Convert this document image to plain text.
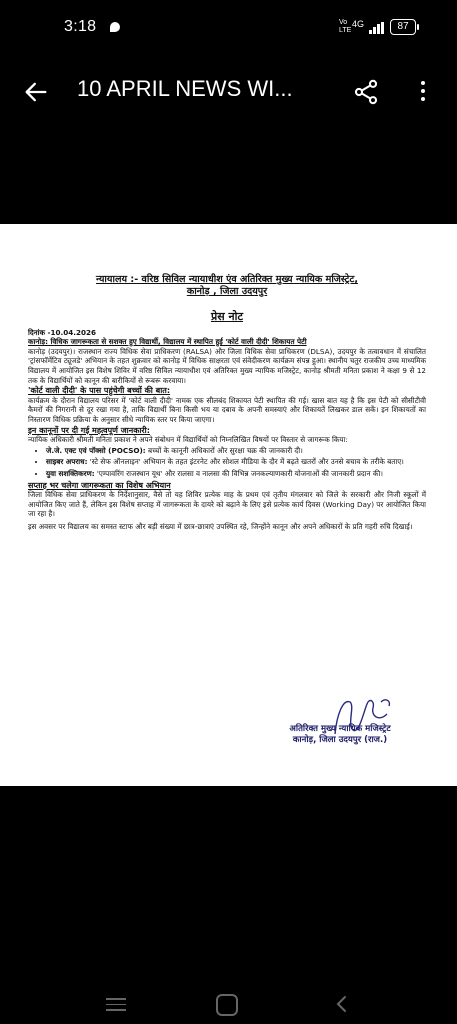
3:18	Vo
LTE
4G	87
10 APRIL NEWS WI...
न्यायालय :- वरिष्ठ सिविल न्यायाधीश एंव अतिरिक्त मुख्य न्यायिक मजिस्ट्रेट,
कानोड़ , जिला उदयपुर
प्रेस नोट
दिनांक -10.04.2026
कानोड़: विधिक जागरूकता से सशक्त हुए विद्यार्थी, विद्यालय में स्थापित हुई 'कोर्ट वाली दीदी' शिकायत पेटी

कानोड़ (उदयपुर)। राजस्थान राज्य विधिक सेवा प्राधिकरण (RALSA) और जिला विधिक सेवा प्राधिकरण (DLSA), उदयपुर के तत्वावधान में संचालित 'ट्रांसफॉर्मेटिव ट्यूजडे' अभियान के तहत शुक्रवार को कानोड़ में विधिक साक्षरता एवं संवेदीकरण कार्यक्रम संपन्न हुआ। स्थानीय चतुर राजकीय उच्च माध्यमिक विद्यालय में आयोजित इस विशेष शिविर में वरिष्ठ सिविल न्यायाधीश एवं अतिरिक्त मुख्य न्यायिक मजिस्ट्रेट, कानोड़ श्रीमती मनिता प्रकाश ने कक्षा 9 से 12 तक के विद्यार्थियों को कानून की बारीकियों से रूबरू करवाया।

'कोर्ट वाली दीदी' के पास पहुंचेगी बच्चों की बात:

कार्यक्रम के दौरान विद्यालय परिसर में 'कोर्ट वाली दीदी' नामक एक सीलबंद शिकायत पेटी स्थापित की गई। खास बात यह है कि इस पेटी को सीसीटीवी कैमरों की निगरानी से दूर रखा गया है, ताकि विद्यार्थी बिना किसी भय या दबाव के अपनी समस्याएं और शिकायतें लिखकर डाल सकें। इन शिकायतों का निस्तारण विधिक प्रक्रिया के अनुसार सीधे न्यायिक स्तर पर किया जाएगा।

इन कानूनों पर दी गई महत्वपूर्ण जानकारी:

न्यायिक अधिकारी श्रीमती मनिता प्रकाश ने अपने संबोधन में विद्यार्थियों को निम्नलिखित विषयों पर विस्तार से जागरूक किया:

• जे.जे. एक्ट एवं पॉक्सो (POCSO): बच्चों के कानूनी अधिकारों और सुरक्षा चक्र की जानकारी दी।
• साइबर अपराध: 'स्टे सेफ ऑनलाइन' अभियान के तहत इंटरनेट और सोशल मीडिया के दौर में बढ़ते खतरों और उनसे बचाव के तरीके बताए।
• युवा सशक्तिकरण: 'एम्पावरिंग राजस्थान यूथ' और रालसा व नालसा की विभिन्न जनकल्याणकारी योजनाओं की जानकारी प्रदान की।
सप्ताह भर चलेगा जागरूकता का विशेष अभियान

जिला विधिक सेवा प्राधिकरण के निर्देशानुसार, वैसे तो यह शिविर प्रत्येक माह के प्रथम एवं तृतीय मंगलवार को जिले के सरकारी और निजी स्कूलों में आयोजित किए जाते हैं, लेकिन इस विशेष सप्ताह में जागरूकता के दायरे को बढ़ाने के लिए इसे प्रत्येक कार्य दिवस (Working Day) पर आयोजित किया जा रहा है।

इस अवसर पर विद्यालय का समस्त स्टाफ और बड़ी संख्या में छात्र-छात्राएं उपस्थित रहे, जिन्होंने कानून और अपने अधिकारों के प्रति गहरी रुचि दिखाई।

अतिरिक्त मुख्य न्यायिक मजिस्ट्रेट
कानोड़, जिला उदयपुर (राज.)
